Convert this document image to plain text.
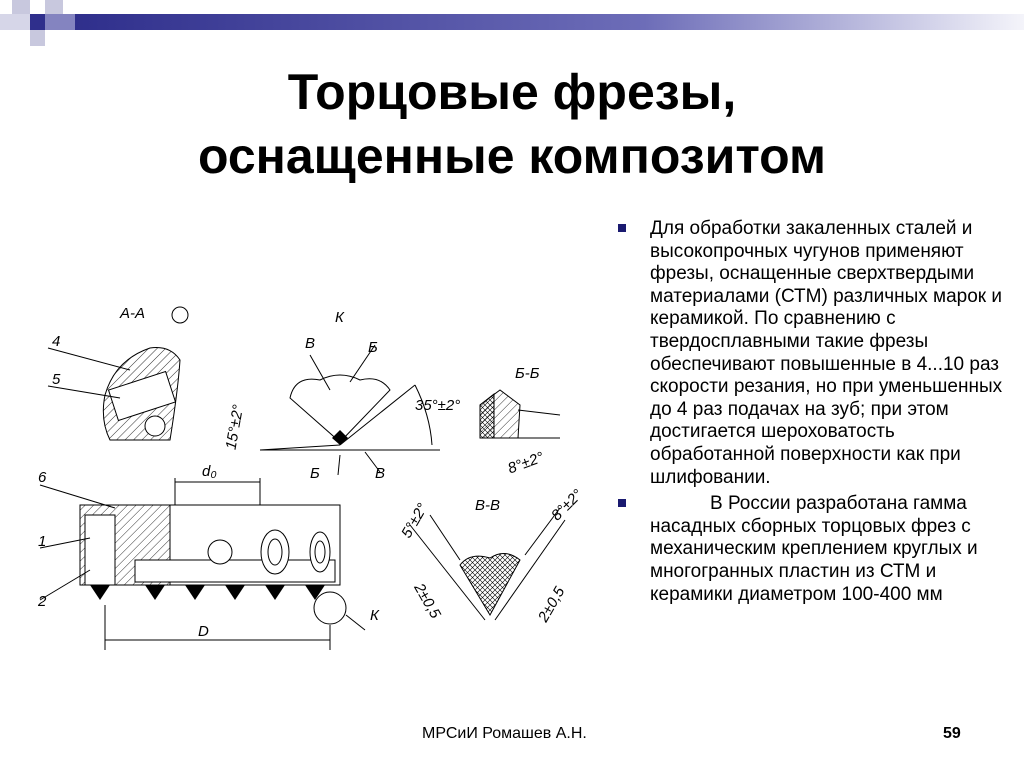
Торцовые фрезы,
оснащенные композитом
Для обработки закаленных сталей и высокопрочных чугунов применяют фрезы, оснащенные сверхтвердыми материалами (СТМ) различных марок и керамикой. По сравнению с твердосплавными такие фрезы обеспечивают повышенные в 4...10 раз скорости резания, но при уменьшенных до 4 раз подачах на зуб; при этом достигается шероховатость обработанной поверхности как при шлифовании.
В России разработана гамма насадных сборных торцовых фрез с механическим креплением круглых и многогранных пластин из СТМ и керамики диаметром 100-400 мм
А-А
4
5
К
В	Б
Б	В
35°±2°
15°±2°
Б-Б
8°±2°
d₀
К
D
6
1
2
В-В
5°±2°	8°±2°
2±0,5	2±0,5
МРСиИ Ромашев А.Н.	59
